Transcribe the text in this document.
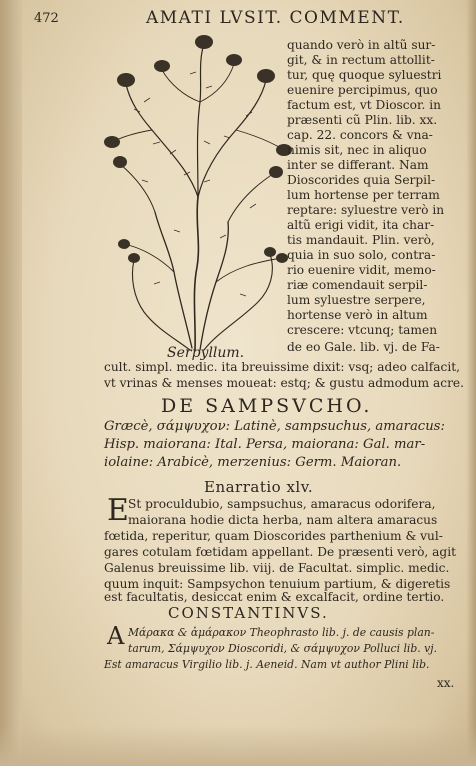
472	AMATI LVSIT. COMMENT.
quando verò in altũ sur-
git, & in rectum attollit-
tur, quę quoque syluestri
euenire percipimus, quo
factum est, vt Dioscor. in
præsenti cũ Plin. lib. xx.
cap. 22. concors & vna-
nimis sit, nec in aliquo
inter se differant. Nam
Dioscorides quia Serpil-
lum hortense per terram
reptare: syluestre verò in
altũ erigi vidit, ita char-
tis mandauit. Plin. verò,
quia in suo solo, contra-
rio euenire vidit, memo-
riæ comendauit serpil-
lum syluestre serpere,
hortense verò in altum
crescere: vtcunq; tamen
de eo Gale. lib. vj. de Fa-
Serpyllum.
cult. simpl. medic. ita breuissime dixit: vsq; adeo calfacit,
vt vrinas & menses moueat: estq; & gustu admodum acre.
DE SAMPSVCHO.
Græcè, σάμψυχον: Latinè, sampsuchus, amaracus:
Hisp. maiorana: Ital. Persa, maiorana: Gal. mar-
iolaine: Arabicè, merzenius: Germ. Maioran.
Enarratio xlv.
E St proculdubio, sampsuchus, amaracus odorifera,
maiorana hodie dicta herba, nam altera amaracus
fœtida, reperitur, quam Dioscorides parthenium & vul-
gares cotulam fœtidam appellant. De præsenti verò, agit
Galenus breuissime lib. viij. de Facultat. simplic. medic.
CONSTANTINVS.
quum inquit: Sampsychon tenuium partium, & digeretis
est facultatis, desiccat enim & excalfacit, ordine tertio.
A Μάρακα & ἀμάρακον Theophrasto lib. j. de causis plan-
tarum, Σάμψυχον Dioscoridi, & σάμψυχον Polluci lib. vj.
Est amaracus Virgilio lib. j. Aeneid. Nam vt author Plini lib.
xx.
